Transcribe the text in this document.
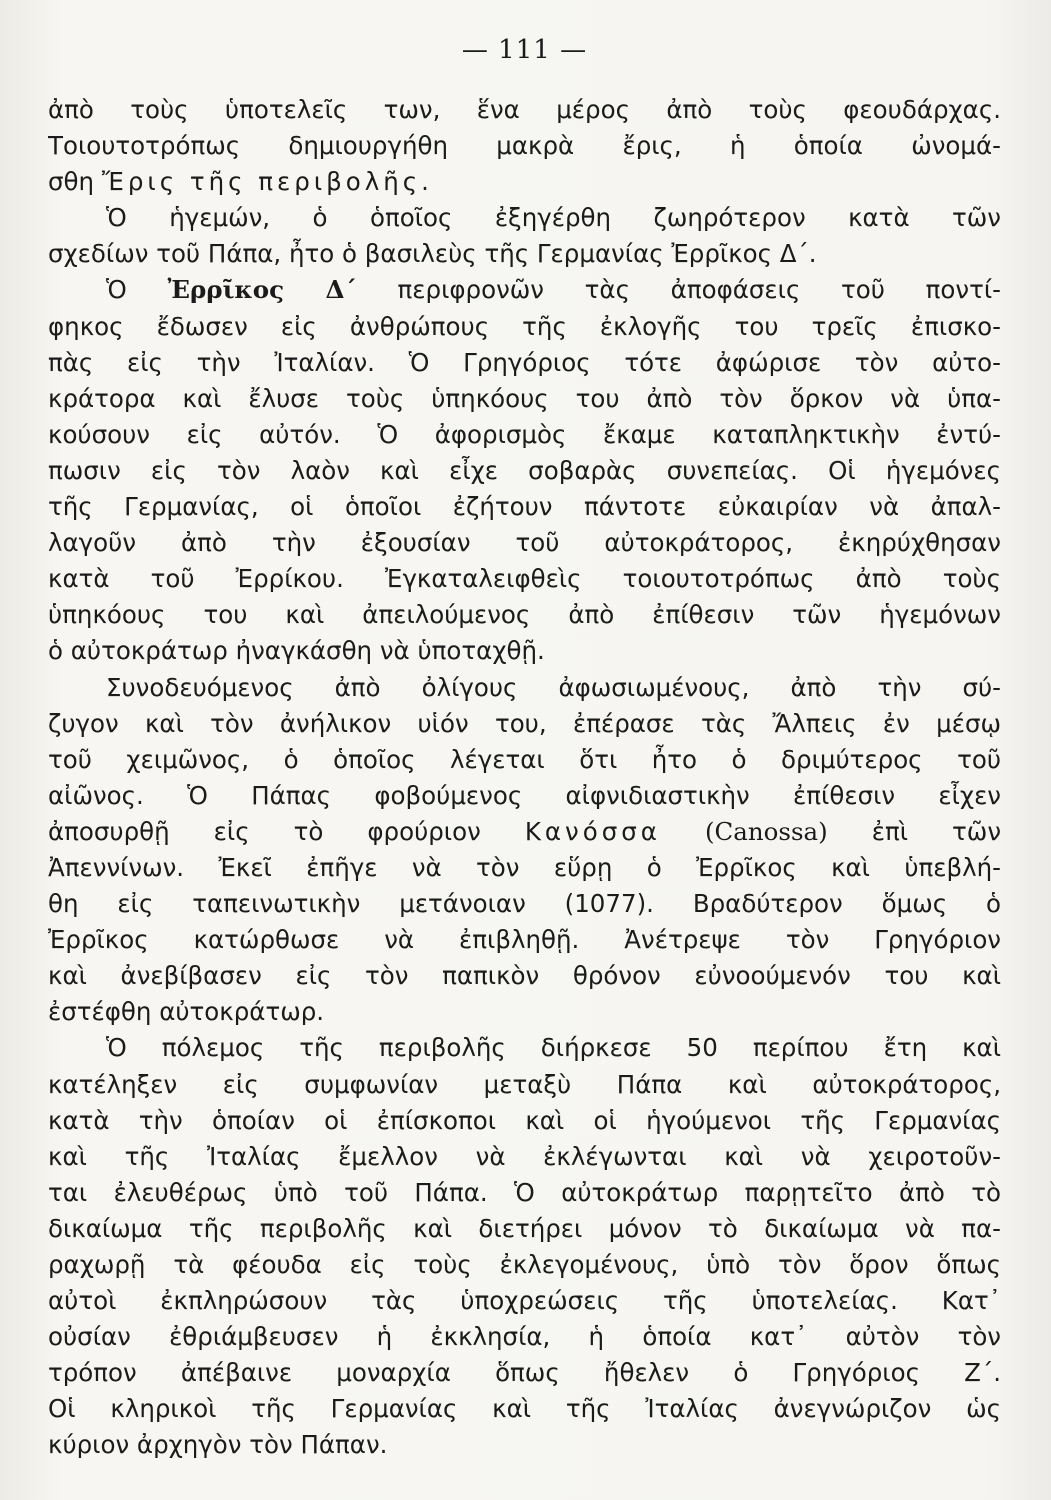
— 111 —
ἀπὸ τοὺς ὑποτελεῖς των, ἕνα μέρος ἀπὸ τοὺς φεουδάρχας.
Τοιουτοτρόπως δημιουργήθη μακρὰ ἔρις, ἡ ὁποία ὠνομά-
σθη Ἔρις τῆς περιβολῆς.
Ὁ ἡγεμών, ὁ ὁποῖος ἐξηγέρθη ζωηρότερον κατὰ τῶν
σχεδίων τοῦ Πάπα, ἦτο ὁ βασιλεὺς τῆς Γερμανίας Ἐρρῖκος Δ΄.
Ὁ Ἐρρῖκος Δ΄ περιφρονῶν τὰς ἀποφάσεις τοῦ ποντί-
φηκος ἔδωσεν εἰς ἀνθρώπους τῆς ἐκλογῆς του τρεῖς ἐπισκο-
πὰς εἰς τὴν Ἰταλίαν. Ὁ Γρηγόριος τότε ἀφώρισε τὸν αὐτο-
κράτορα καὶ ἔλυσε τοὺς ὑπηκόους του ἀπὸ τὸν ὅρκον νὰ ὑπα-
κούσουν εἰς αὐτόν. Ὁ ἀφορισμὸς ἔκαμε καταπληκτικὴν ἐντύ-
πωσιν εἰς τὸν λαὸν καὶ εἶχε σοβαρὰς συνεπείας. Οἱ ἡγεμόνες
τῆς Γερμανίας, οἱ ὁποῖοι ἐζήτουν πάντοτε εὐκαιρίαν νὰ ἀπαλ-
λαγοῦν ἀπὸ τὴν ἐξουσίαν τοῦ αὐτοκράτορος, ἐκηρύχθησαν
κατὰ τοῦ Ἐρρίκου. Ἐγκαταλειφθεὶς τοιουτοτρόπως ἀπὸ τοὺς
ὑπηκόους του καὶ ἀπειλούμενος ἀπὸ ἐπίθεσιν τῶν ἡγεμόνων
ὁ αὐτοκράτωρ ἠναγκάσθη νὰ ὑποταχθῇ.
Συνοδευόμενος ἀπὸ ὀλίγους ἀφωσιωμένους, ἀπὸ τὴν σύ-
ζυγον καὶ τὸν ἀνήλικον υἱόν του, ἐπέρασε τὰς Ἄλπεις ἐν μέσῳ
τοῦ χειμῶνος, ὁ ὁποῖος λέγεται ὅτι ἦτο ὁ δριμύτερος τοῦ
αἰῶνος. Ὁ Πάπας φοβούμενος αἰφνιδιαστικὴν ἐπίθεσιν εἶχεν
ἀποσυρθῇ εἰς τὸ φρούριον Κανόσσα (Canossa) ἐπὶ τῶν
Ἀπεννίνων. Ἐκεῖ ἐπῆγε νὰ τὸν εὕρῃ ὁ Ἐρρῖκος καὶ ὑπεβλή-
θη εἰς ταπεινωτικὴν μετάνοιαν (1077). Βραδύτερον ὅμως ὁ
Ἐρρῖκος κατώρθωσε νὰ ἐπιβληθῇ. Ἀνέτρεψε τὸν Γρηγόριον
καὶ ἀνεβίβασεν εἰς τὸν παπικὸν θρόνον εὐνοούμενόν του καὶ
ἐστέφθη αὐτοκράτωρ.
Ὁ πόλεμος τῆς περιβολῆς διήρκεσε 50 περίπου ἔτη καὶ
κατέληξεν εἰς συμφωνίαν μεταξὺ Πάπα καὶ αὐτοκράτορος,
κατὰ τὴν ὁποίαν οἱ ἐπίσκοποι καὶ οἱ ἡγούμενοι τῆς Γερμανίας
καὶ τῆς Ἰταλίας ἔμελλον νὰ ἐκλέγωνται καὶ νὰ χειροτοῦν-
ται ἐλευθέρως ὑπὸ τοῦ Πάπα. Ὁ αὐτοκράτωρ παρῃτεῖτο ἀπὸ τὸ
δικαίωμα τῆς περιβολῆς καὶ διετήρει μόνον τὸ δικαίωμα νὰ πα-
ραχωρῇ τὰ φέουδα εἰς τοὺς ἐκλεγομένους, ὑπὸ τὸν ὅρον ὅπως
αὐτοὶ ἐκπληρώσουν τὰς ὑποχρεώσεις τῆς ὑποτελείας. Κατ᾽
οὐσίαν ἐθριάμβευσεν ἡ ἐκκλησία, ἡ ὁποία κατ᾽ αὐτὸν τὸν
τρόπον ἀπέβαινε μοναρχία ὅπως ἤθελεν ὁ Γρηγόριος Ζ΄.
Οἱ κληρικοὶ τῆς Γερμανίας καὶ τῆς Ἰταλίας ἀνεγνώριζον ὡς
κύριον ἀρχηγὸν τὸν Πάπαν.
